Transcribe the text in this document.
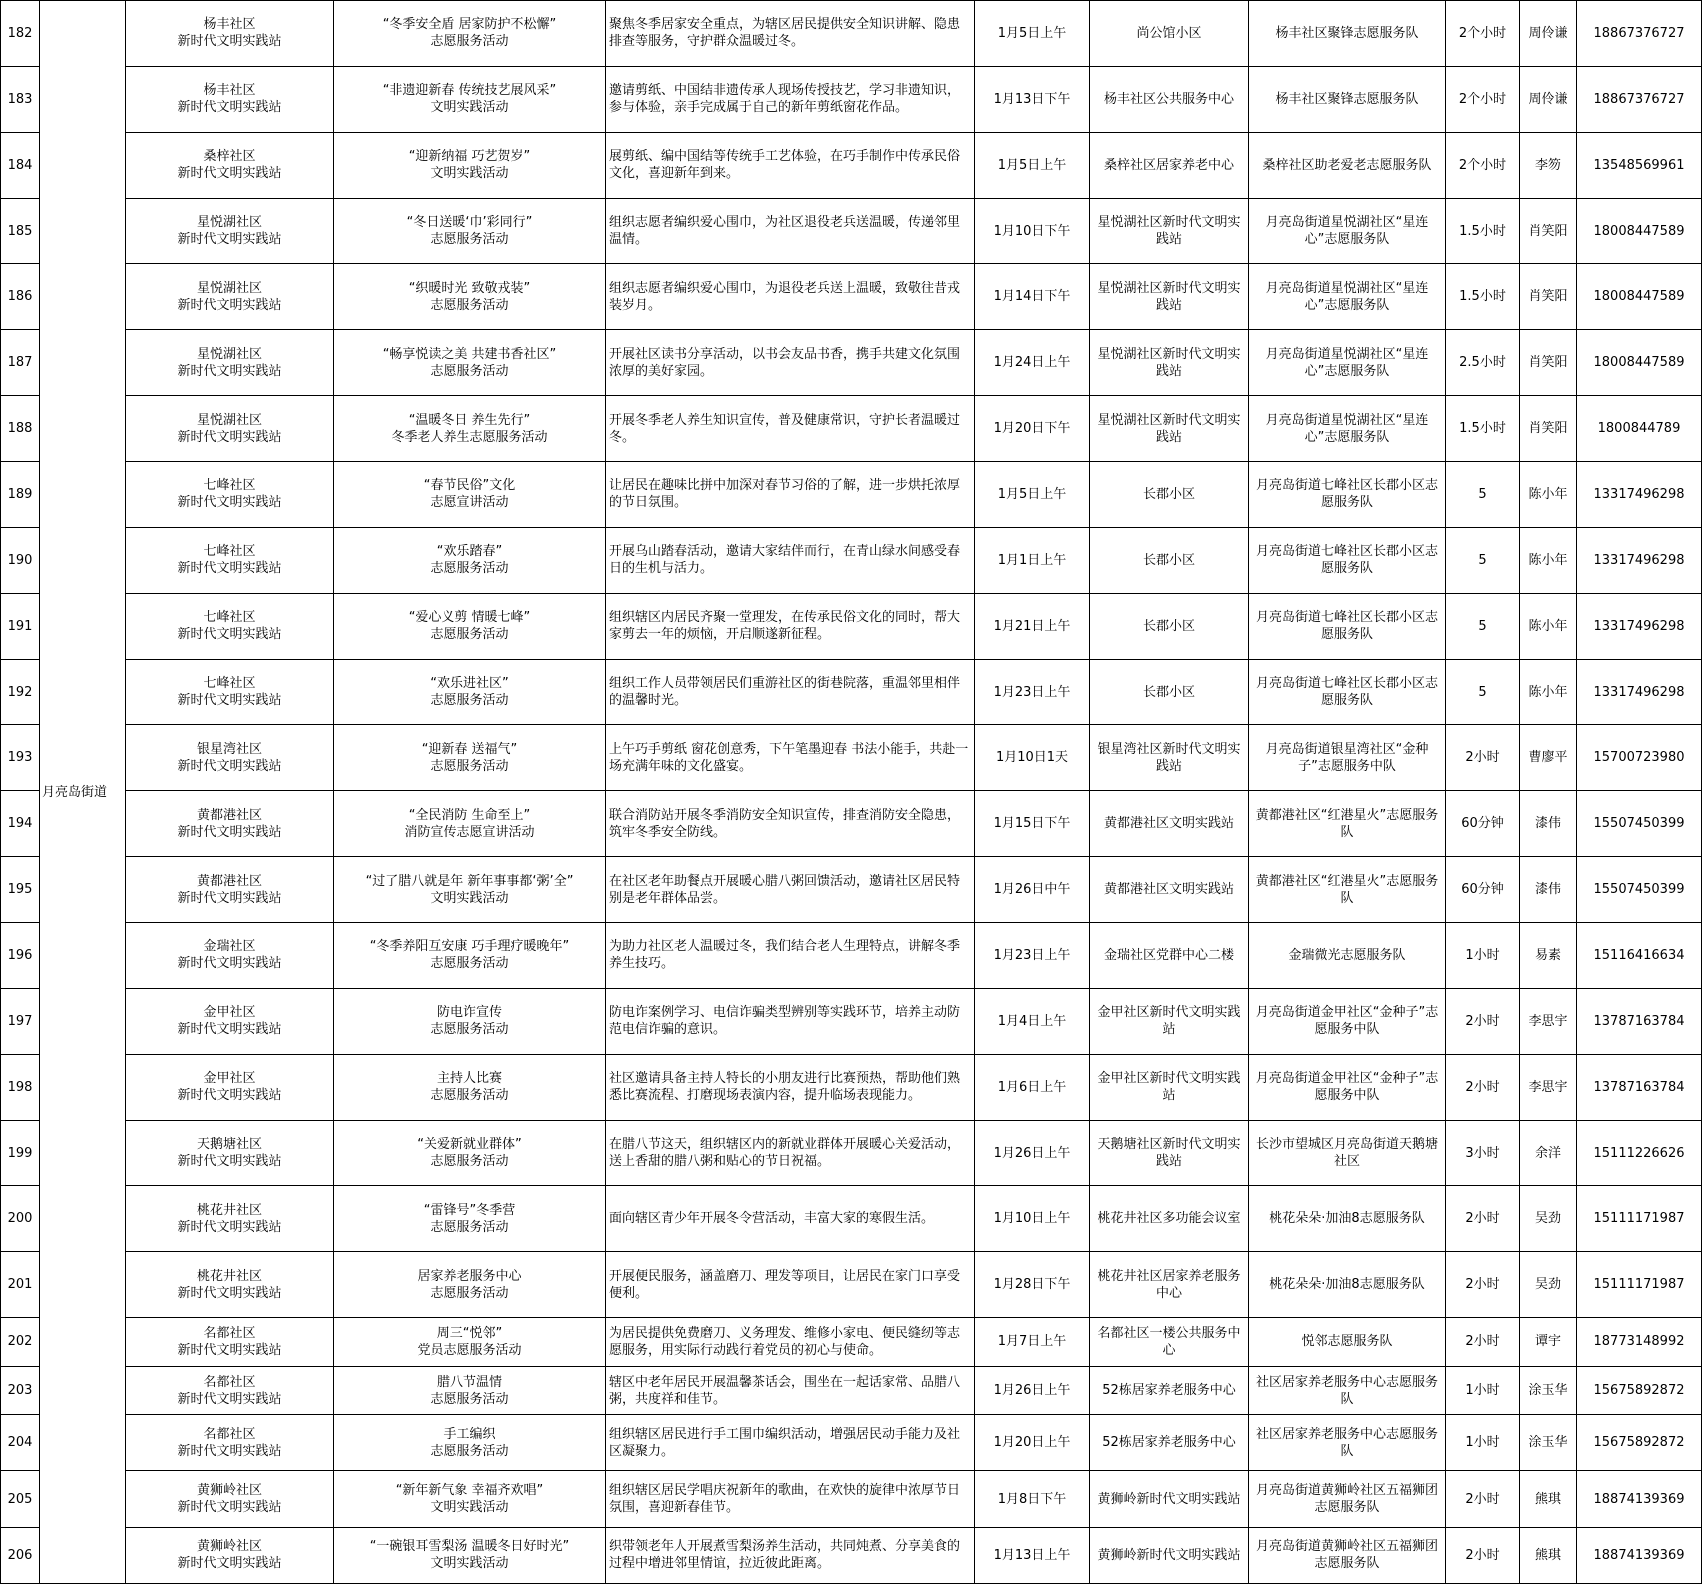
182	月亮岛街道	杨丰社区
新时代文明实践站	“冬季安全盾 居家防护不松懈”
志愿服务活动	聚焦冬季居家安全重点，为辖区居民提供安全知识讲解、隐患排查等服务，守护群众温暖过冬。	1月5日上午	尚公馆小区	杨丰社区聚锋志愿服务队	2个小时	周伶谦	18867376727
183		杨丰社区
新时代文明实践站	“非遗迎新春 传统技艺展风采”
文明实践活动	邀请剪纸、中国结非遗传承人现场传授技艺，学习非遗知识，参与体验，亲手完成属于自己的新年剪纸窗花作品。	1月13日下午	杨丰社区公共服务中心	杨丰社区聚锋志愿服务队	2个小时	周伶谦	18867376727
184		桑梓社区
新时代文明实践站	“迎新纳福 巧艺贺岁”
文明实践活动	展剪纸、编中国结等传统手工艺体验，在巧手制作中传承民俗文化，喜迎新年到来。	1月5日上午	桑梓社区居家养老中心	桑梓社区助老爱老志愿服务队	2个小时	李笏	13548569961
185		星悦湖社区
新时代文明实践站	“冬日送暖‘巾’彩同行”
志愿服务活动	组织志愿者编织爱心围巾，为社区退役老兵送温暖，传递邻里温情。	1月10日下午	星悦湖社区新时代文明实践站	月亮岛街道星悦湖社区“星连心”志愿服务队	1.5小时	肖笑阳	18008447589
186		星悦湖社区
新时代文明实践站	“织暖时光 致敬戎装”
志愿服务活动	组织志愿者编织爱心围巾，为退役老兵送上温暖，致敬往昔戎装岁月。	1月14日下午	星悦湖社区新时代文明实践站	月亮岛街道星悦湖社区“星连心”志愿服务队	1.5小时	肖笑阳	18008447589
187		星悦湖社区
新时代文明实践站	“畅享悦读之美 共建书香社区”
志愿服务活动	开展社区读书分享活动，以书会友品书香，携手共建文化氛围浓厚的美好家园。	1月24日上午	星悦湖社区新时代文明实践站	月亮岛街道星悦湖社区“星连心”志愿服务队	2.5小时	肖笑阳	18008447589
188		星悦湖社区
新时代文明实践站	“温暖冬日 养生先行”
冬季老人养生志愿服务活动	开展冬季老人养生知识宣传，普及健康常识，守护长者温暖过冬。	1月20日下午	星悦湖社区新时代文明实践站	月亮岛街道星悦湖社区“星连心”志愿服务队	1.5小时	肖笑阳	1800844789
189		七峰社区
新时代文明实践站	“春节民俗”文化
志愿宣讲活动	让居民在趣味比拼中加深对春节习俗的了解，进一步烘托浓厚的节日氛围。	1月5日上午	长郡小区	月亮岛街道七峰社区长郡小区志愿服务队	5	陈小年	13317496298
190		七峰社区
新时代文明实践站	“欢乐踏春”
志愿服务活动	开展乌山踏春活动，邀请大家结伴而行，在青山绿水间感受春日的生机与活力。	1月1日上午	长郡小区	月亮岛街道七峰社区长郡小区志愿服务队	5	陈小年	13317496298
191		七峰社区
新时代文明实践站	“爱心义剪 情暖七峰”
志愿服务活动	组织辖区内居民齐聚一堂理发，在传承民俗文化的同时，帮大家剪去一年的烦恼，开启顺遂新征程。	1月21日上午	长郡小区	月亮岛街道七峰社区长郡小区志愿服务队	5	陈小年	13317496298
192		七峰社区
新时代文明实践站	“欢乐进社区”
志愿服务活动	组织工作人员带领居民们重游社区的街巷院落，重温邻里相伴的温馨时光。	1月23日上午	长郡小区	月亮岛街道七峰社区长郡小区志愿服务队	5	陈小年	13317496298
193		银星湾社区
新时代文明实践站	“迎新春 送福气”
志愿服务活动	上午巧手剪纸 窗花创意秀，下午笔墨迎春 书法小能手，共赴一场充满年味的文化盛宴。	1月10日1天	银星湾社区新时代文明实践站	月亮岛街道银星湾社区“金种子”志愿服务中队	2小时	曹廖平	15700723980
194		黄都港社区
新时代文明实践站	“全民消防 生命至上”
消防宣传志愿宣讲活动	联合消防站开展冬季消防安全知识宣传，排查消防安全隐患，筑牢冬季安全防线。	1月15日下午	黄都港社区文明实践站	黄都港社区“红港星火”志愿服务队	60分钟	漆伟	15507450399
195		黄都港社区
新时代文明实践站	“过了腊八就是年 新年事事都‘粥’全”
文明实践活动	在社区老年助餐点开展暖心腊八粥回馈活动，邀请社区居民特别是老年群体品尝。	1月26日中午	黄都港社区文明实践站	黄都港社区“红港星火”志愿服务队	60分钟	漆伟	15507450399
196		金瑞社区
新时代文明实践站	“冬季养阳互安康 巧手理疗暖晚年”
志愿服务活动	为助力社区老人温暖过冬，我们结合老人生理特点，讲解冬季养生技巧。	1月23日上午	金瑞社区党群中心二楼	金瑞微光志愿服务队	1小时	易素	15116416634
197		金甲社区
新时代文明实践站	防电诈宣传
志愿服务活动	防电诈案例学习、电信诈骗类型辨别等实践环节，培养主动防范电信诈骗的意识。	1月4日上午	金甲社区新时代文明实践站	月亮岛街道金甲社区“金种子”志愿服务中队	2小时	李思宇	13787163784
198		金甲社区
新时代文明实践站	主持人比赛
志愿服务活动	社区邀请具备主持人特长的小朋友进行比赛预热，帮助他们熟悉比赛流程、打磨现场表演内容，提升临场表现能力。	1月6日上午	金甲社区新时代文明实践站	月亮岛街道金甲社区“金种子”志愿服务中队	2小时	李思宇	13787163784
199		天鹅塘社区
新时代文明实践站	“关爱新就业群体”
志愿服务活动	在腊八节这天，组织辖区内的新就业群体开展暖心关爱活动，送上香甜的腊八粥和贴心的节日祝福。	1月26日上午	天鹅塘社区新时代文明实践站	长沙市望城区月亮岛街道天鹅塘社区	3小时	余洋	15111226626
200		桃花井社区
新时代文明实践站	“雷锋号”冬季营
志愿服务活动	面向辖区青少年开展冬令营活动，丰富大家的寒假生活。	1月10日上午	桃花井社区多功能会议室	桃花朵朵·加油8志愿服务队	2小时	吴劲	15111171987
201		桃花井社区
新时代文明实践站	居家养老服务中心
志愿服务活动	开展便民服务，涵盖磨刀、理发等项目，让居民在家门口享受便利。	1月28日下午	桃花井社区居家养老服务中心	桃花朵朵·加油8志愿服务队	2小时	吴劲	15111171987
202		名都社区
新时代文明实践站	周三“悦邻”
党员志愿服务活动	为居民提供免费磨刀、义务理发、维修小家电、便民缝纫等志愿服务，用实际行动践行着党员的初心与使命。	1月7日上午	名都社区一楼公共服务中心	悦邻志愿服务队	2小时	谭宇	18773148992
203		名都社区
新时代文明实践站	腊八节温情
志愿服务活动	辖区中老年居民开展温馨茶话会，围坐在一起话家常、品腊八粥，共度祥和佳节。	1月26日上午	52栋居家养老服务中心	社区居家养老服务中心志愿服务队	1小时	涂玉华	15675892872
204		名都社区
新时代文明实践站	手工编织
志愿服务活动	组织辖区居民进行手工围巾编织活动，增强居民动手能力及社区凝聚力。	1月20日上午	52栋居家养老服务中心	社区居家养老服务中心志愿服务队	1小时	涂玉华	15675892872
205		黄狮岭社区
新时代文明实践站	“新年新气象 幸福齐欢唱”
文明实践活动	组织辖区居民学唱庆祝新年的歌曲，在欢快的旋律中浓厚节日氛围，喜迎新春佳节。	1月8日下午	黄狮岭新时代文明实践站	月亮岛街道黄狮岭社区五福狮团志愿服务队	2小时	熊琪	18874139369
206		黄狮岭社区
新时代文明实践站	“一碗银耳雪梨汤 温暖冬日好时光”
文明实践活动	织带领老年人开展煮雪梨汤养生活动，共同炖煮、分享美食的过程中增进邻里情谊，拉近彼此距离。	1月13日上午	黄狮岭新时代文明实践站	月亮岛街道黄狮岭社区五福狮团志愿服务队	2小时	熊琪	18874139369
